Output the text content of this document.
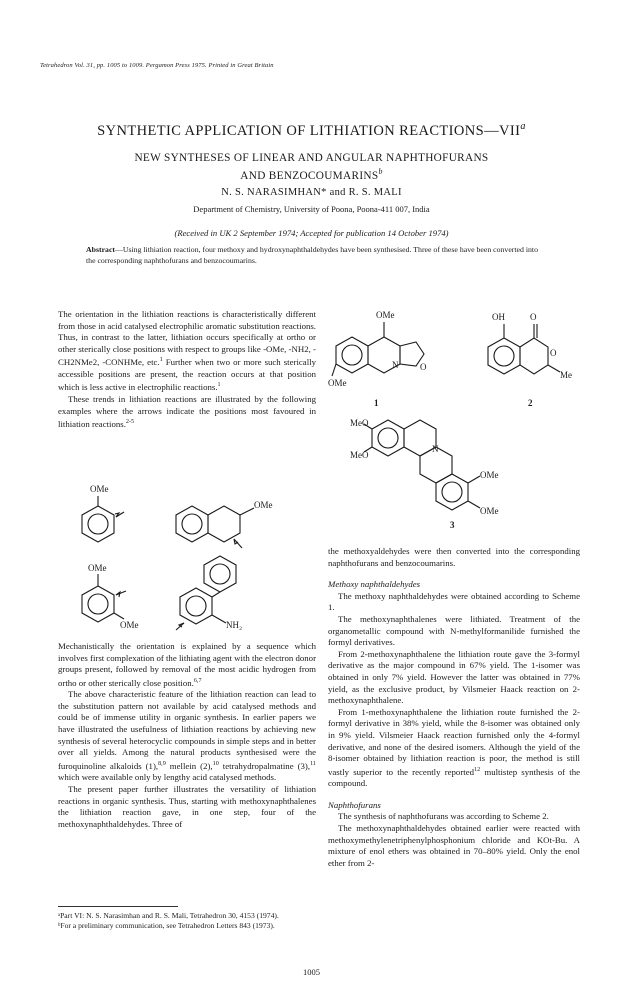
Tetrahedron Vol. 31, pp. 1005 to 1009. Pergamon Press 1975. Printed in Great Britain
SYNTHETIC APPLICATION OF LITHIATION REACTIONS—VII$^a$
NEW SYNTHESES OF LINEAR AND ANGULAR NAPHTHOFURANS
AND BENZOCOUMARINS$^b$
N. S. NARASIMHAN* and R. S. MALI
Department of Chemistry, University of Poona, Poona-411 007, India
(Received in UK 2 September 1974; Accepted for publication 14 October 1974)
Abstract—Using lithiation reaction, four methoxy and hydroxynaphthaldehydes have been synthesised. Three of these have been converted into the corresponding naphthofurans and benzocoumarins.

The orientation in the lithiation reactions is characteristically different from those in acid catalysed electrophilic aromatic substitution reactions. Thus, in contrast to the latter, lithiation occurs specifically at ortho or other sterically close positions with respect to groups like -OMe, -NH2, -CH2NMe2, -CONHMe, etc.$^1$ Further when two or more such sterically accessible positions are present, the reaction occurs at that position which is less active in electrophilic reactions.$^1$

These trends in lithiation reactions are illustrated by the following examples where the arrows indicate the positions most favoured in lithiation reactions.$^{2-5}$

OMe
OMe
OMe
OMe	NH₂

Mechanistically the orientation is explained by a sequence which involves first complexation of the lithiating agent with the electron donor groups present, followed by removal of the most acidic hydrogen from ortho or other sterically close position.$^{6,7}$

The above characteristic feature of the lithiation reaction can lead to the substitution pattern not available by acid catalysed methods and could be of immense utility in organic synthesis. In earlier papers we have illustrated the usefulness of lithiation reactions by achieving new synthesis of several heterocyclic compounds in simple steps and in better over all yields. Among the natural products synthesised were the furoquinoline alkaloids (1),$^{8,9}$ mellein (2),$^{10}$ tetrahydropalmatine (3),$^{11}$ which were available only by lengthy acid catalysed methods.

The present paper further illustrates the versatility of lithiation reactions in organic synthesis. Thus, starting with methoxynaphthalenes the lithiation reaction gave, in one step, four of the methoxynaphthaldehydes. Three of

ᵃPart VI: N. S. Narasimhan and R. S. Mali, Tetrahedron 30, 4153 (1974).

ᵇFor a preliminary communication, see Tetrahedron Letters 843 (1973).

OMe
OMe
N O
OH	O
O
Me
MeO
MeO
N
OMe
OMe
1	2
3

the methoxyaldehydes were then converted into the corresponding naphthofurans and benzocoumarins.

Methoxy naphthaldehydes

The methoxy naphthaldehydes were obtained according to Scheme 1.

The methoxynaphthalenes were lithiated. Treatment of the organometallic compound with N-methylformanilide furnished the formyl derivatives.

From 2-methoxynaphthalene the lithiation route gave the 3-formyl derivative as the major compound in 67% yield. The 1-isomer was obtained in only 7% yield. However the latter was obtained in 77% yield, as the exclusive product, by Vilsmeier Haack reaction on 2-methoxynaphthalene.

From 1-methoxynaphthalene the lithiation route furnished the 2-formyl derivative in 38% yield, while the 8-isomer was obtained only in 9% yield. Vilsmeier Haack reaction furnished only the 4-formyl derivative, and none of the desired isomers. Although the yield of the 8-isomer obtained by lithiation reaction is poor, the method is still vastly superior to the recently reported$^{12}$ multistep synthesis of the compound.

Naphthofurans

The synthesis of naphthofurans was according to Scheme 2.

The methoxynaphthaldehydes obtained earlier were reacted with methoxymethylenetriphenylphosphonium chloride and KOt-Bu. A mixture of enol ethers was obtained in 70–80% yield. Only the enol ether from 2-

1005
